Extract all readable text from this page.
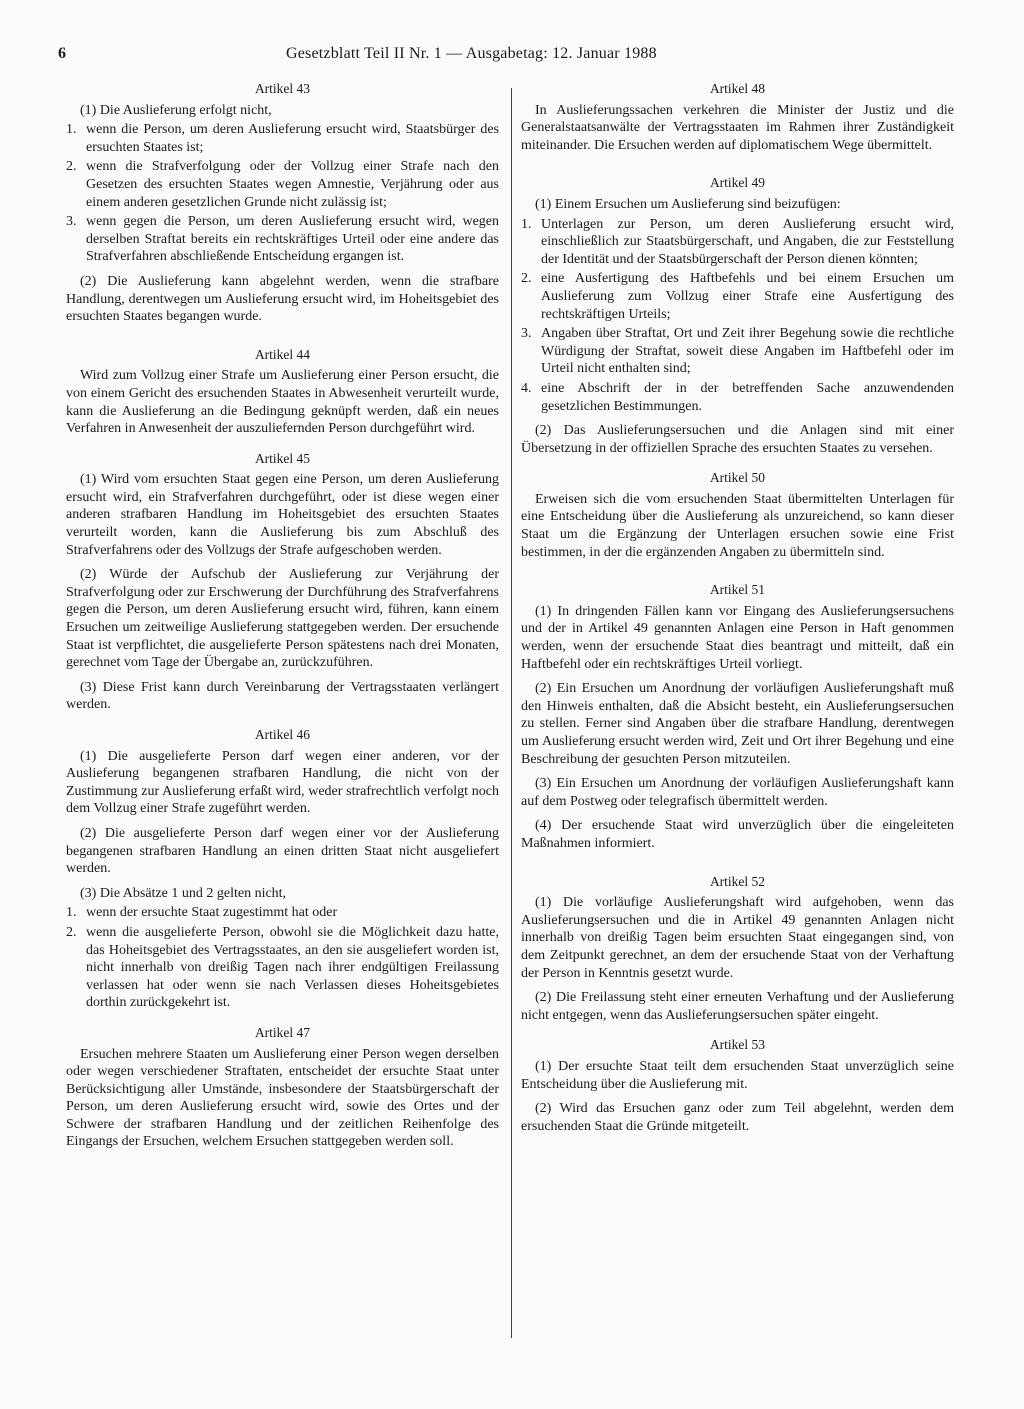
6	Gesetzblatt Teil II Nr. 1 — Ausgabetag: 12. Januar 1988
Artikel 43

(1) Die Auslieferung erfolgt nicht,

1. wenn die Person, um deren Auslieferung ersucht wird, Staatsbürger des ersuchten Staates ist;
2. wenn die Strafverfolgung oder der Vollzug einer Strafe nach den Gesetzen des ersuchten Staates wegen Amnestie, Verjährung oder aus einem anderen gesetzlichen Grunde nicht zulässig ist;
3. wenn gegen die Person, um deren Auslieferung ersucht wird, wegen derselben Straftat bereits ein rechtskräftiges Urteil oder eine andere das Strafverfahren abschließende Entscheidung ergangen ist.

(2) Die Auslieferung kann abgelehnt werden, wenn die strafbare Handlung, derentwegen um Auslieferung ersucht wird, im Hoheitsgebiet des ersuchten Staates begangen wurde.

Artikel 44

Wird zum Vollzug einer Strafe um Auslieferung einer Person ersucht, die von einem Gericht des ersuchenden Staates in Abwesenheit verurteilt wurde, kann die Auslieferung an die Bedingung geknüpft werden, daß ein neues Verfahren in Anwesenheit der auszuliefernden Person durchgeführt wird.

Artikel 45

(1) Wird vom ersuchten Staat gegen eine Person, um deren Auslieferung ersucht wird, ein Strafverfahren durchgeführt, oder ist diese wegen einer anderen strafbaren Handlung im Hoheitsgebiet des ersuchten Staates verurteilt worden, kann die Auslieferung bis zum Abschluß des Strafverfahrens oder des Vollzugs der Strafe aufgeschoben werden.

(2) Würde der Aufschub der Auslieferung zur Verjährung der Strafverfolgung oder zur Erschwerung der Durchführung des Strafverfahrens gegen die Person, um deren Auslieferung ersucht wird, führen, kann einem Ersuchen um zeitweilige Auslieferung stattgegeben werden. Der ersuchende Staat ist verpflichtet, die ausgelieferte Person spätestens nach drei Monaten, gerechnet vom Tage der Übergabe an, zurückzuführen.

(3) Diese Frist kann durch Vereinbarung der Vertragsstaaten verlängert werden.

Artikel 46

(1) Die ausgelieferte Person darf wegen einer anderen, vor der Auslieferung begangenen strafbaren Handlung, die nicht von der Zustimmung zur Auslieferung erfaßt wird, weder strafrechtlich verfolgt noch dem Vollzug einer Strafe zugeführt werden.

(2) Die ausgelieferte Person darf wegen einer vor der Auslieferung begangenen strafbaren Handlung an einen dritten Staat nicht ausgeliefert werden.

(3) Die Absätze 1 und 2 gelten nicht,

1. wenn der ersuchte Staat zugestimmt hat oder
2. wenn die ausgelieferte Person, obwohl sie die Möglichkeit dazu hatte, das Hoheitsgebiet des Vertragsstaates, an den sie ausgeliefert worden ist, nicht innerhalb von dreißig Tagen nach ihrer endgültigen Freilassung verlassen hat oder wenn sie nach Verlassen dieses Hoheitsgebietes dorthin zurückgekehrt ist.
Artikel 47

Ersuchen mehrere Staaten um Auslieferung einer Person wegen derselben oder wegen verschiedener Straftaten, entscheidet der ersuchte Staat unter Berücksichtigung aller Umstände, insbesondere der Staatsbürgerschaft der Person, um deren Auslieferung ersucht wird, sowie des Ortes und der Schwere der strafbaren Handlung und der zeitlichen Reihenfolge des Eingangs der Ersuchen, welchem Ersuchen stattgegeben werden soll.

Artikel 48

In Auslieferungssachen verkehren die Minister der Justiz und die Generalstaatsanwälte der Vertragsstaaten im Rahmen ihrer Zuständigkeit miteinander. Die Ersuchen werden auf diplomatischem Wege übermittelt.

Artikel 49

(1) Einem Ersuchen um Auslieferung sind beizufügen:

1. Unterlagen zur Person, um deren Auslieferung ersucht wird, einschließlich zur Staatsbürgerschaft, und Angaben, die zur Feststellung der Identität und der Staatsbürgerschaft der Person dienen könnten;
2. eine Ausfertigung des Haftbefehls und bei einem Ersuchen um Auslieferung zum Vollzug einer Strafe eine Ausfertigung des rechtskräftigen Urteils;
3. Angaben über Straftat, Ort und Zeit ihrer Begehung sowie die rechtliche Würdigung der Straftat, soweit diese Angaben im Haftbefehl oder im Urteil nicht enthalten sind;
4. eine Abschrift der in der betreffenden Sache anzuwendenden gesetzlichen Bestimmungen.

(2) Das Auslieferungsersuchen und die Anlagen sind mit einer Übersetzung in der offiziellen Sprache des ersuchten Staates zu versehen.

Artikel 50

Erweisen sich die vom ersuchenden Staat übermittelten Unterlagen für eine Entscheidung über die Auslieferung als unzureichend, so kann dieser Staat um die Ergänzung der Unterlagen ersuchen sowie eine Frist bestimmen, in der die ergänzenden Angaben zu übermitteln sind.

Artikel 51

(1) In dringenden Fällen kann vor Eingang des Auslieferungsersuchens und der in Artikel 49 genannten Anlagen eine Person in Haft genommen werden, wenn der ersuchende Staat dies beantragt und mitteilt, daß ein Haftbefehl oder ein rechtskräftiges Urteil vorliegt.

(2) Ein Ersuchen um Anordnung der vorläufigen Auslieferungshaft muß den Hinweis enthalten, daß die Absicht besteht, ein Auslieferungsersuchen zu stellen. Ferner sind Angaben über die strafbare Handlung, derentwegen um Auslieferung ersucht werden wird, Zeit und Ort ihrer Begehung und eine Beschreibung der gesuchten Person mitzuteilen.

(3) Ein Ersuchen um Anordnung der vorläufigen Auslieferungshaft kann auf dem Postweg oder telegrafisch übermittelt werden.

(4) Der ersuchende Staat wird unverzüglich über die eingeleiteten Maßnahmen informiert.

Artikel 52

(1) Die vorläufige Auslieferungshaft wird aufgehoben, wenn das Auslieferungsersuchen und die in Artikel 49 genannten Anlagen nicht innerhalb von dreißig Tagen beim ersuchten Staat eingegangen sind, von dem Zeitpunkt gerechnet, an dem der ersuchende Staat von der Verhaftung der Person in Kenntnis gesetzt wurde.

(2) Die Freilassung steht einer erneuten Verhaftung und der Auslieferung nicht entgegen, wenn das Auslieferungsersuchen später eingeht.

Artikel 53

(1) Der ersuchte Staat teilt dem ersuchenden Staat unverzüglich seine Entscheidung über die Auslieferung mit.

(2) Wird das Ersuchen ganz oder zum Teil abgelehnt, werden dem ersuchenden Staat die Gründe mitgeteilt.
